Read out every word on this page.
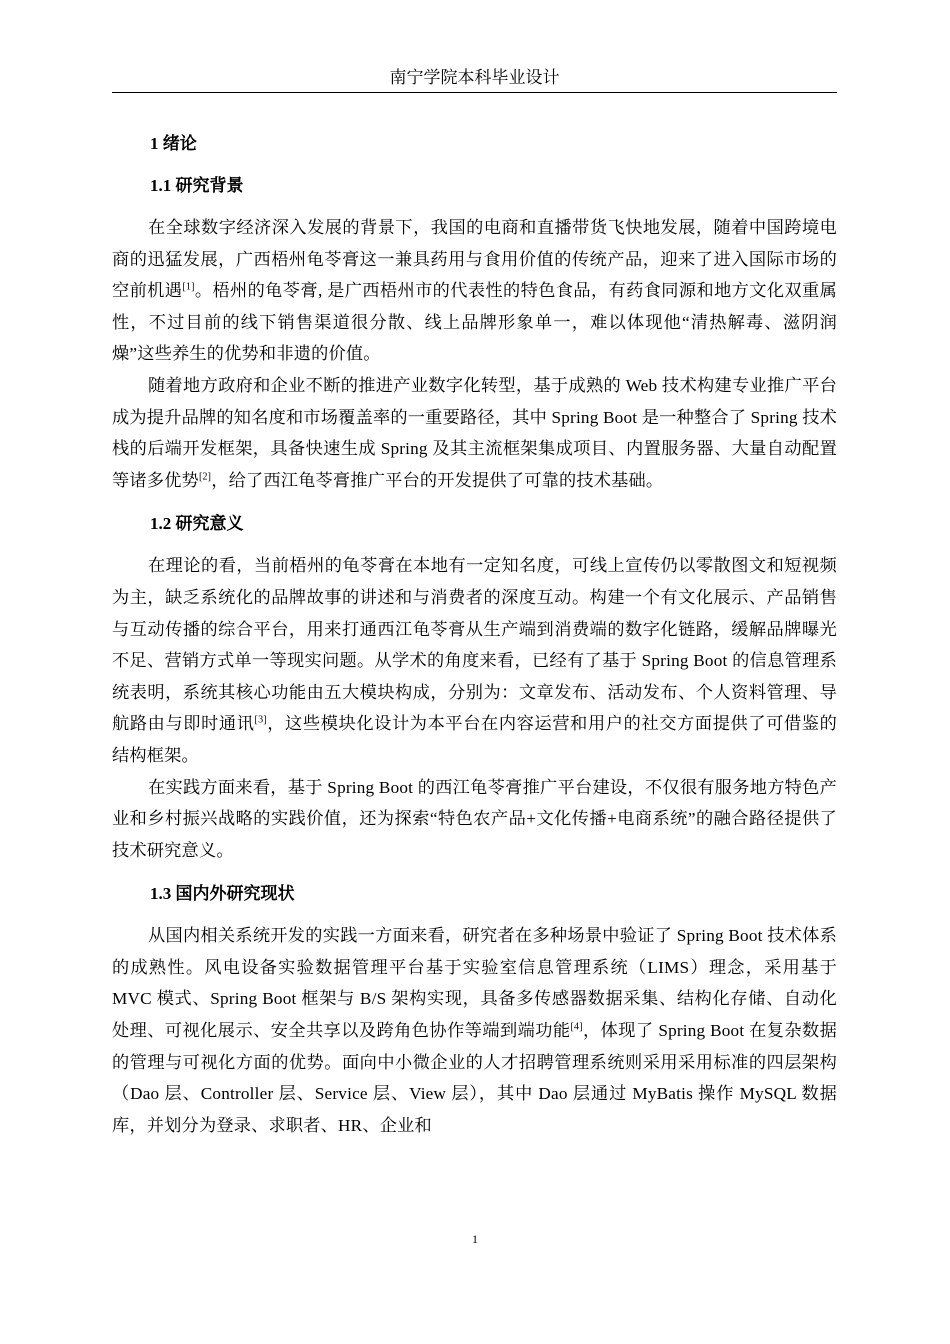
南宁学院本科毕业设计
1 绪论
1.1 研究背景

在全球数字经济深入发展的背景下，我国的电商和直播带货飞快地发展，随着中国跨境电商的迅猛发展，广西梧州龟苓膏这一兼具药用与食用价值的传统产品，迎来了进入国际市场的空前机遇[1]。梧州的龟苓膏, 是广西梧州市的代表性的特色食品，有药食同源和地方文化双重属性，不过目前的线下销售渠道很分散、线上品牌形象单一，难以体现他“清热解毒、滋阴润燥”这些养生的优势和非遗的价值。

随着地方政府和企业不断的推进产业数字化转型，基于成熟的 Web 技术构建专业推广平台成为提升品牌的知名度和市场覆盖率的一重要路径，其中 Spring Boot 是一种整合了 Spring 技术栈的后端开发框架，具备快速生成 Spring 及其主流框架集成项目、内置服务器、大量自动配置等诸多优势[2]，给了西江龟苓膏推广平台的开发提供了可靠的技术基础。

1.2 研究意义

在理论的看，当前梧州的龟苓膏在本地有一定知名度，可线上宣传仍以零散图文和短视频为主，缺乏系统化的品牌故事的讲述和与消费者的深度互动。构建一个有文化展示、产品销售与互动传播的综合平台，用来打通西江龟苓膏从生产端到消费端的数字化链路，缓解品牌曝光不足、营销方式单一等现实问题。从学术的角度来看，已经有了基于 Spring Boot 的信息管理系统表明，系统其核心功能由五大模块构成，分别为：文章发布、活动发布、个人资料管理、导航路由与即时通讯[3]，这些模块化设计为本平台在内容运营和用户的社交方面提供了可借鉴的结构框架。

在实践方面来看，基于 Spring Boot 的西江龟苓膏推广平台建设，不仅很有服务地方特色产业和乡村振兴战略的实践价值，还为探索“特色农产品+文化传播+电商系统”的融合路径提供了技术研究意义。

1.3 国内外研究现状

从国内相关系统开发的实践一方面来看，研究者在多种场景中验证了 Spring Boot 技术体系的成熟性。风电设备实验数据管理平台基于实验室信息管理系统（LIMS）理念，采用基于 MVC 模式、Spring Boot 框架与 B/S 架构实现，具备多传感器数据采集、结构化存储、自动化处理、可视化展示、安全共享以及跨角色协作等端到端功能[4]，体现了 Spring Boot 在复杂数据的管理与可视化方面的优势。面向中小微企业的人才招聘管理系统则采用采用标准的四层架构（Dao 层、Controller 层、Service 层、View 层），其中 Dao 层通过 MyBatis 操作 MySQL 数据库，并划分为登录、求职者、HR、企业和

1
